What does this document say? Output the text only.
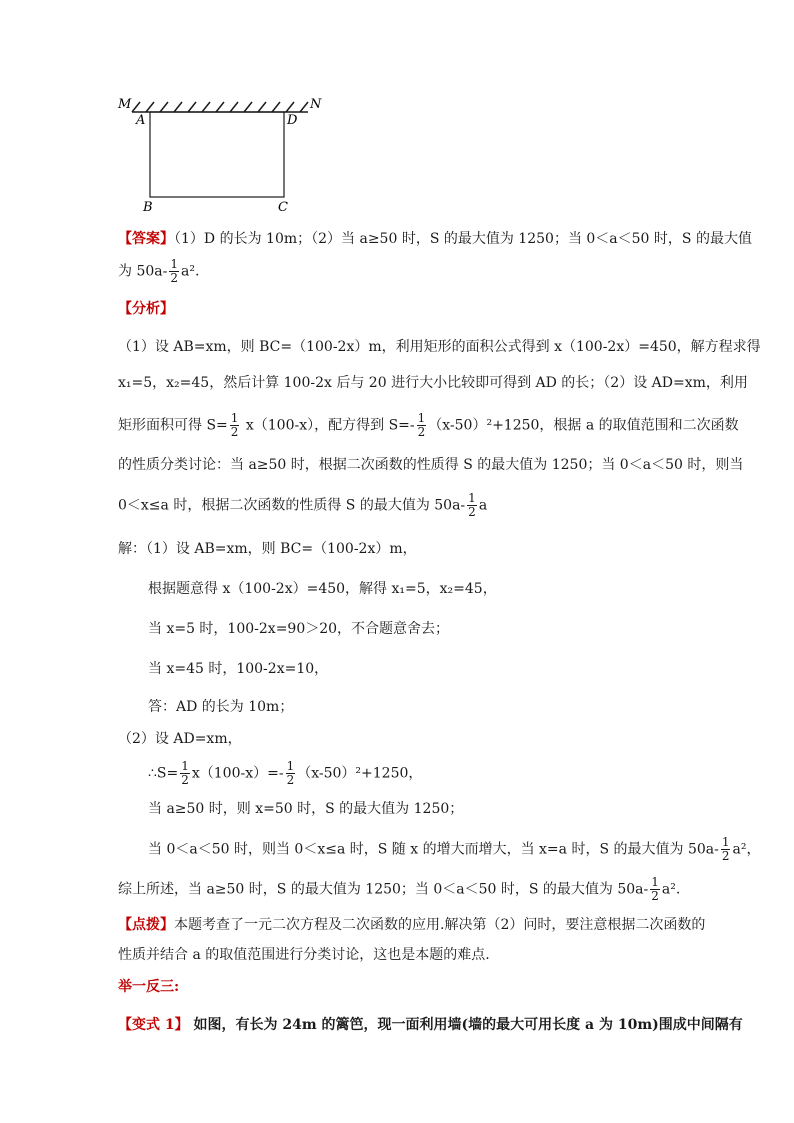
M	N
A	D
B	C
【答案】（1）D 的长为 10m；（2）当 a≥50 时，S 的最大值为 1250；当 0＜a＜50 时，S 的最大值
为 $50a- \frac{1}{2} a^2$.
【分析】
（1）设 AB=xm，则 BC=（100-2x）m，利用矩形的面积公式得到 x（100-2x）=450，解方程求得
x₁=5，x₂=45，然后计算 100-2x 后与 20 进行大小比较即可得到 AD 的长；（2）设 AD=xm，利用
矩形面积可得 $S= \frac{1}{2} x(100-x)$，配方得到 $S=- \frac{1}{2} (x-50)^2+1250$，根据 a 的取值范围和二次函数
的性质分类讨论：当 a≥50 时，根据二次函数的性质得 S 的最大值为 1250；当 0＜a＜50 时，则当
0＜x≤a 时，根据二次函数的性质得 S 的最大值为 $50a- \frac{1}{2}$ a
解：（1）设 AB=xm，则 BC=（100-2x）m，
根据题意得 x（100-2x）=450，解得 x₁=5，x₂=45，
当 x=5 时，100-2x=90＞20，不合题意舍去；
当 x=45 时，100-2x=10，
答：AD 的长为 10m；
（2）设 AD=xm，
∴S= $\frac{1}{2} x(100-x)=- \frac{1}{2} (x-50)^2+1250$，
当 a≥50 时，则 x=50 时，S 的最大值为 1250；
当 0＜a＜50 时，则当 0＜x≤a 时，S 随 x 的增大而增大，当 x=a 时，S 的最大值为 $50a- \frac{1}{2} a^2$，
综上所述，当 a≥50 时，S 的最大值为 1250；当 0＜a＜50 时，S 的最大值为 $50a- \frac{1}{2} a^2$.
【点拨】本题考查了一元二次方程及二次函数的应用.解决第（2）问时，要注意根据二次函数的
性质并结合 a 的取值范围进行分类讨论，这也是本题的难点.
举一反三:
【变式 1】 如图，有长为 24m 的篱笆，现一面利用墙(墙的最大可用长度 a 为 10m)围成中间隔有
